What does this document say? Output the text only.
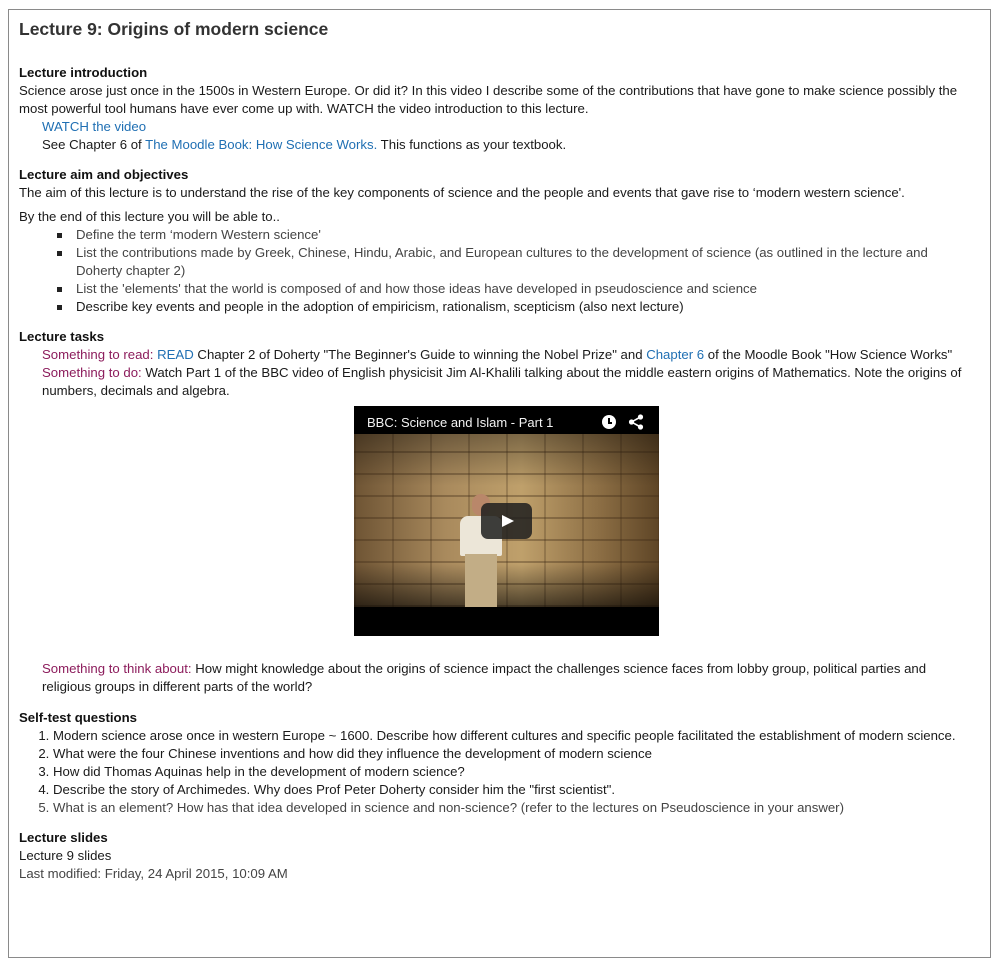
Lecture 9: Origins of modern science
Lecture introduction

Science arose just once in the 1500s in Western Europe. Or did it? In this video I describe some of the contributions that have gone to make science possibly the most powerful tool humans have ever come up with. WATCH the video introduction to this lecture.

WATCH the video
See Chapter 6 of The Moodle Book: How Science Works. This functions as your textbook.
Lecture aim and objectives

The aim of this lecture is to understand the rise of the key components of science and the people and events that gave rise to ‘modern western science'.

By the end of this lecture you will be able to..

Define the term ‘modern Western science'
List the contributions made by Greek, Chinese, Hindu, Arabic, and European cultures to the development of science (as outlined in the lecture and Doherty chapter 2)
List the 'elements' that the world is composed of and how those ideas have developed in pseudoscience and science
Describe key events and people in the adoption of empiricism, rationalism, scepticism (also next lecture)
Lecture tasks
Something to read: READ Chapter 2 of Doherty "The Beginner's Guide to winning the Nobel Prize" and Chapter 6 of the Moodle Book "How Science Works"
Something to do: Watch Part 1 of the BBC video of English physicisit Jim Al-Khalili talking about the middle eastern origins of Mathematics. Note the origins of numbers, decimals and algebra.
BBC: Science and Islam - Part 1
Something to think about: How might knowledge about the origins of science impact the challenges science faces from lobby group, political parties and religious groups in different parts of the world?
Self-test questions
1. Modern science arose once in western Europe ~ 1600. Describe how different cultures and specific people facilitated the establishment of modern science.
2. What were the four Chinese inventions and how did they influence the development of modern science
3. How did Thomas Aquinas help in the development of modern science?
4. Describe the story of Archimedes. Why does Prof Peter Doherty consider him the "first scientist".
5. What is an element? How has that idea developed in science and non-science? (refer to the lectures on Pseudoscience in your answer)
Lecture slides
Lecture 9 slides
Last modified: Friday, 24 April 2015, 10:09 AM
